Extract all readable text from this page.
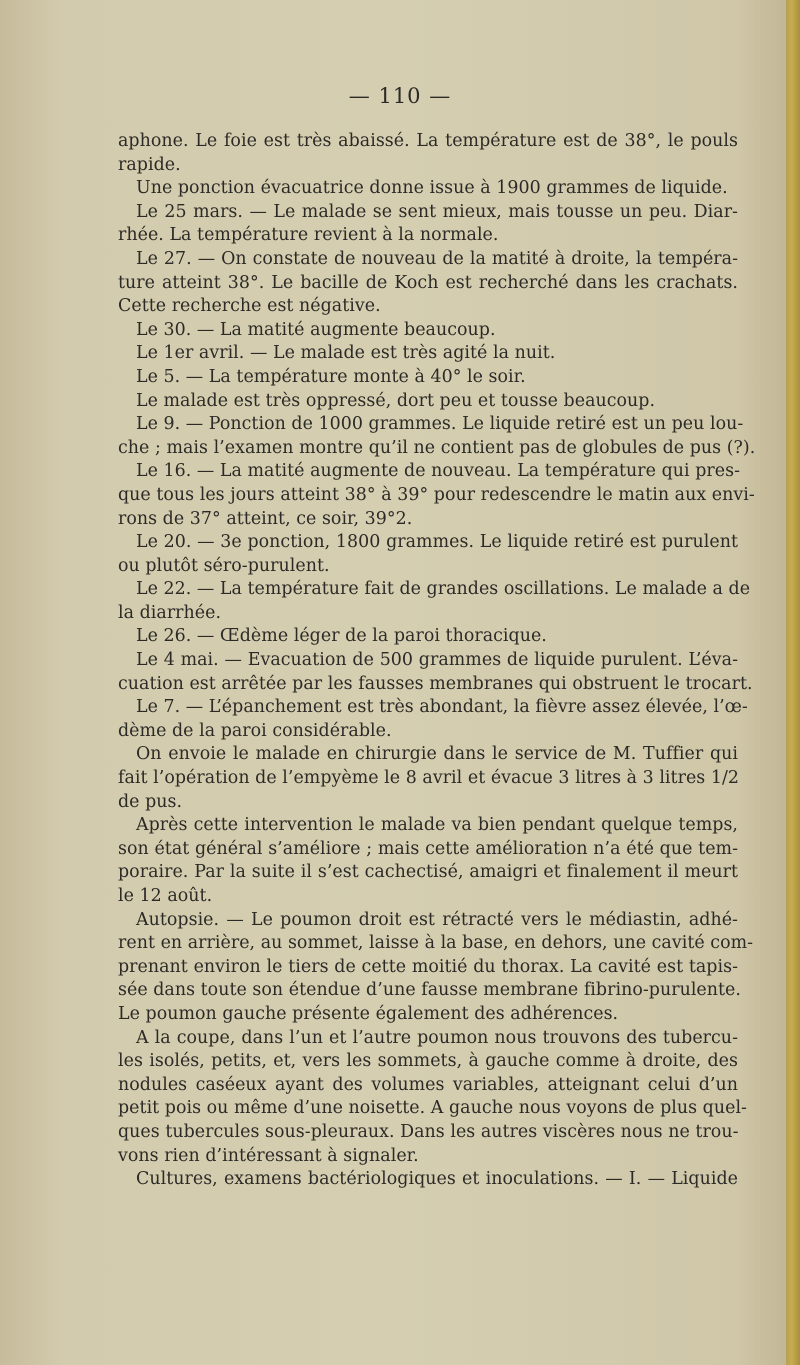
— 110 —
aphone. Le foie est très abaissé. La température est de 38°, le pouls
rapide.
Une ponction évacuatrice donne issue à 1900 grammes de liquide.
Le 25 mars. — Le malade se sent mieux, mais tousse un peu. Diar-
rhée. La température revient à la normale.
Le 27. — On constate de nouveau de la matité à droite, la tempéra-
ture atteint 38°. Le bacille de Koch est recherché dans les crachats.
Cette recherche est négative.
Le 30. — La matité augmente beaucoup.
Le 1er avril. — Le malade est très agité la nuit.
Le 5. — La température monte à 40° le soir.
Le malade est très oppressé, dort peu et tousse beaucoup.
Le 9. — Ponction de 1000 grammes. Le liquide retiré est un peu lou-
che ; mais l’examen montre qu’il ne contient pas de globules de pus (?).
Le 16. — La matité augmente de nouveau. La température qui pres-
que tous les jours atteint 38° à 39° pour redescendre le matin aux envi-
rons de 37° atteint, ce soir, 39°2.
Le 20. — 3e ponction, 1800 grammes. Le liquide retiré est purulent
ou plutôt séro-purulent.
Le 22. — La température fait de grandes oscillations. Le malade a de
la diarrhée.
Le 26. — Œdème léger de la paroi thoracique.
Le 4 mai. — Evacuation de 500 grammes de liquide purulent. L’éva-
cuation est arrêtée par les fausses membranes qui obstruent le trocart.
Le 7. — L’épanchement est très abondant, la fièvre assez élevée, l’œ-
dème de la paroi considérable.
On envoie le malade en chirurgie dans le service de M. Tuffier qui
fait l’opération de l’empyème le 8 avril et évacue 3 litres à 3 litres 1/2
de pus.
Après cette intervention le malade va bien pendant quelque temps,
son état général s’améliore ; mais cette amélioration n’a été que tem-
poraire. Par la suite il s’est cachectisé, amaigri et finalement il meurt
le 12 août.
Autopsie. — Le poumon droit est rétracté vers le médiastin, adhé-
rent en arrière, au sommet, laisse à la base, en dehors, une cavité com-
prenant environ le tiers de cette moitié du thorax. La cavité est tapis-
sée dans toute son étendue d’une fausse membrane fibrino-purulente.
Le poumon gauche présente également des adhérences.
A la coupe, dans l’un et l’autre poumon nous trouvons des tubercu-
les isolés, petits, et, vers les sommets, à gauche comme à droite, des
nodules caséeux ayant des volumes variables, atteignant celui d’un
petit pois ou même d’une noisette. A gauche nous voyons de plus quel-
ques tubercules sous-pleuraux. Dans les autres viscères nous ne trou-
vons rien d’intéressant à signaler.
Cultures, examens bactériologiques et inoculations. — I. — Liquide
